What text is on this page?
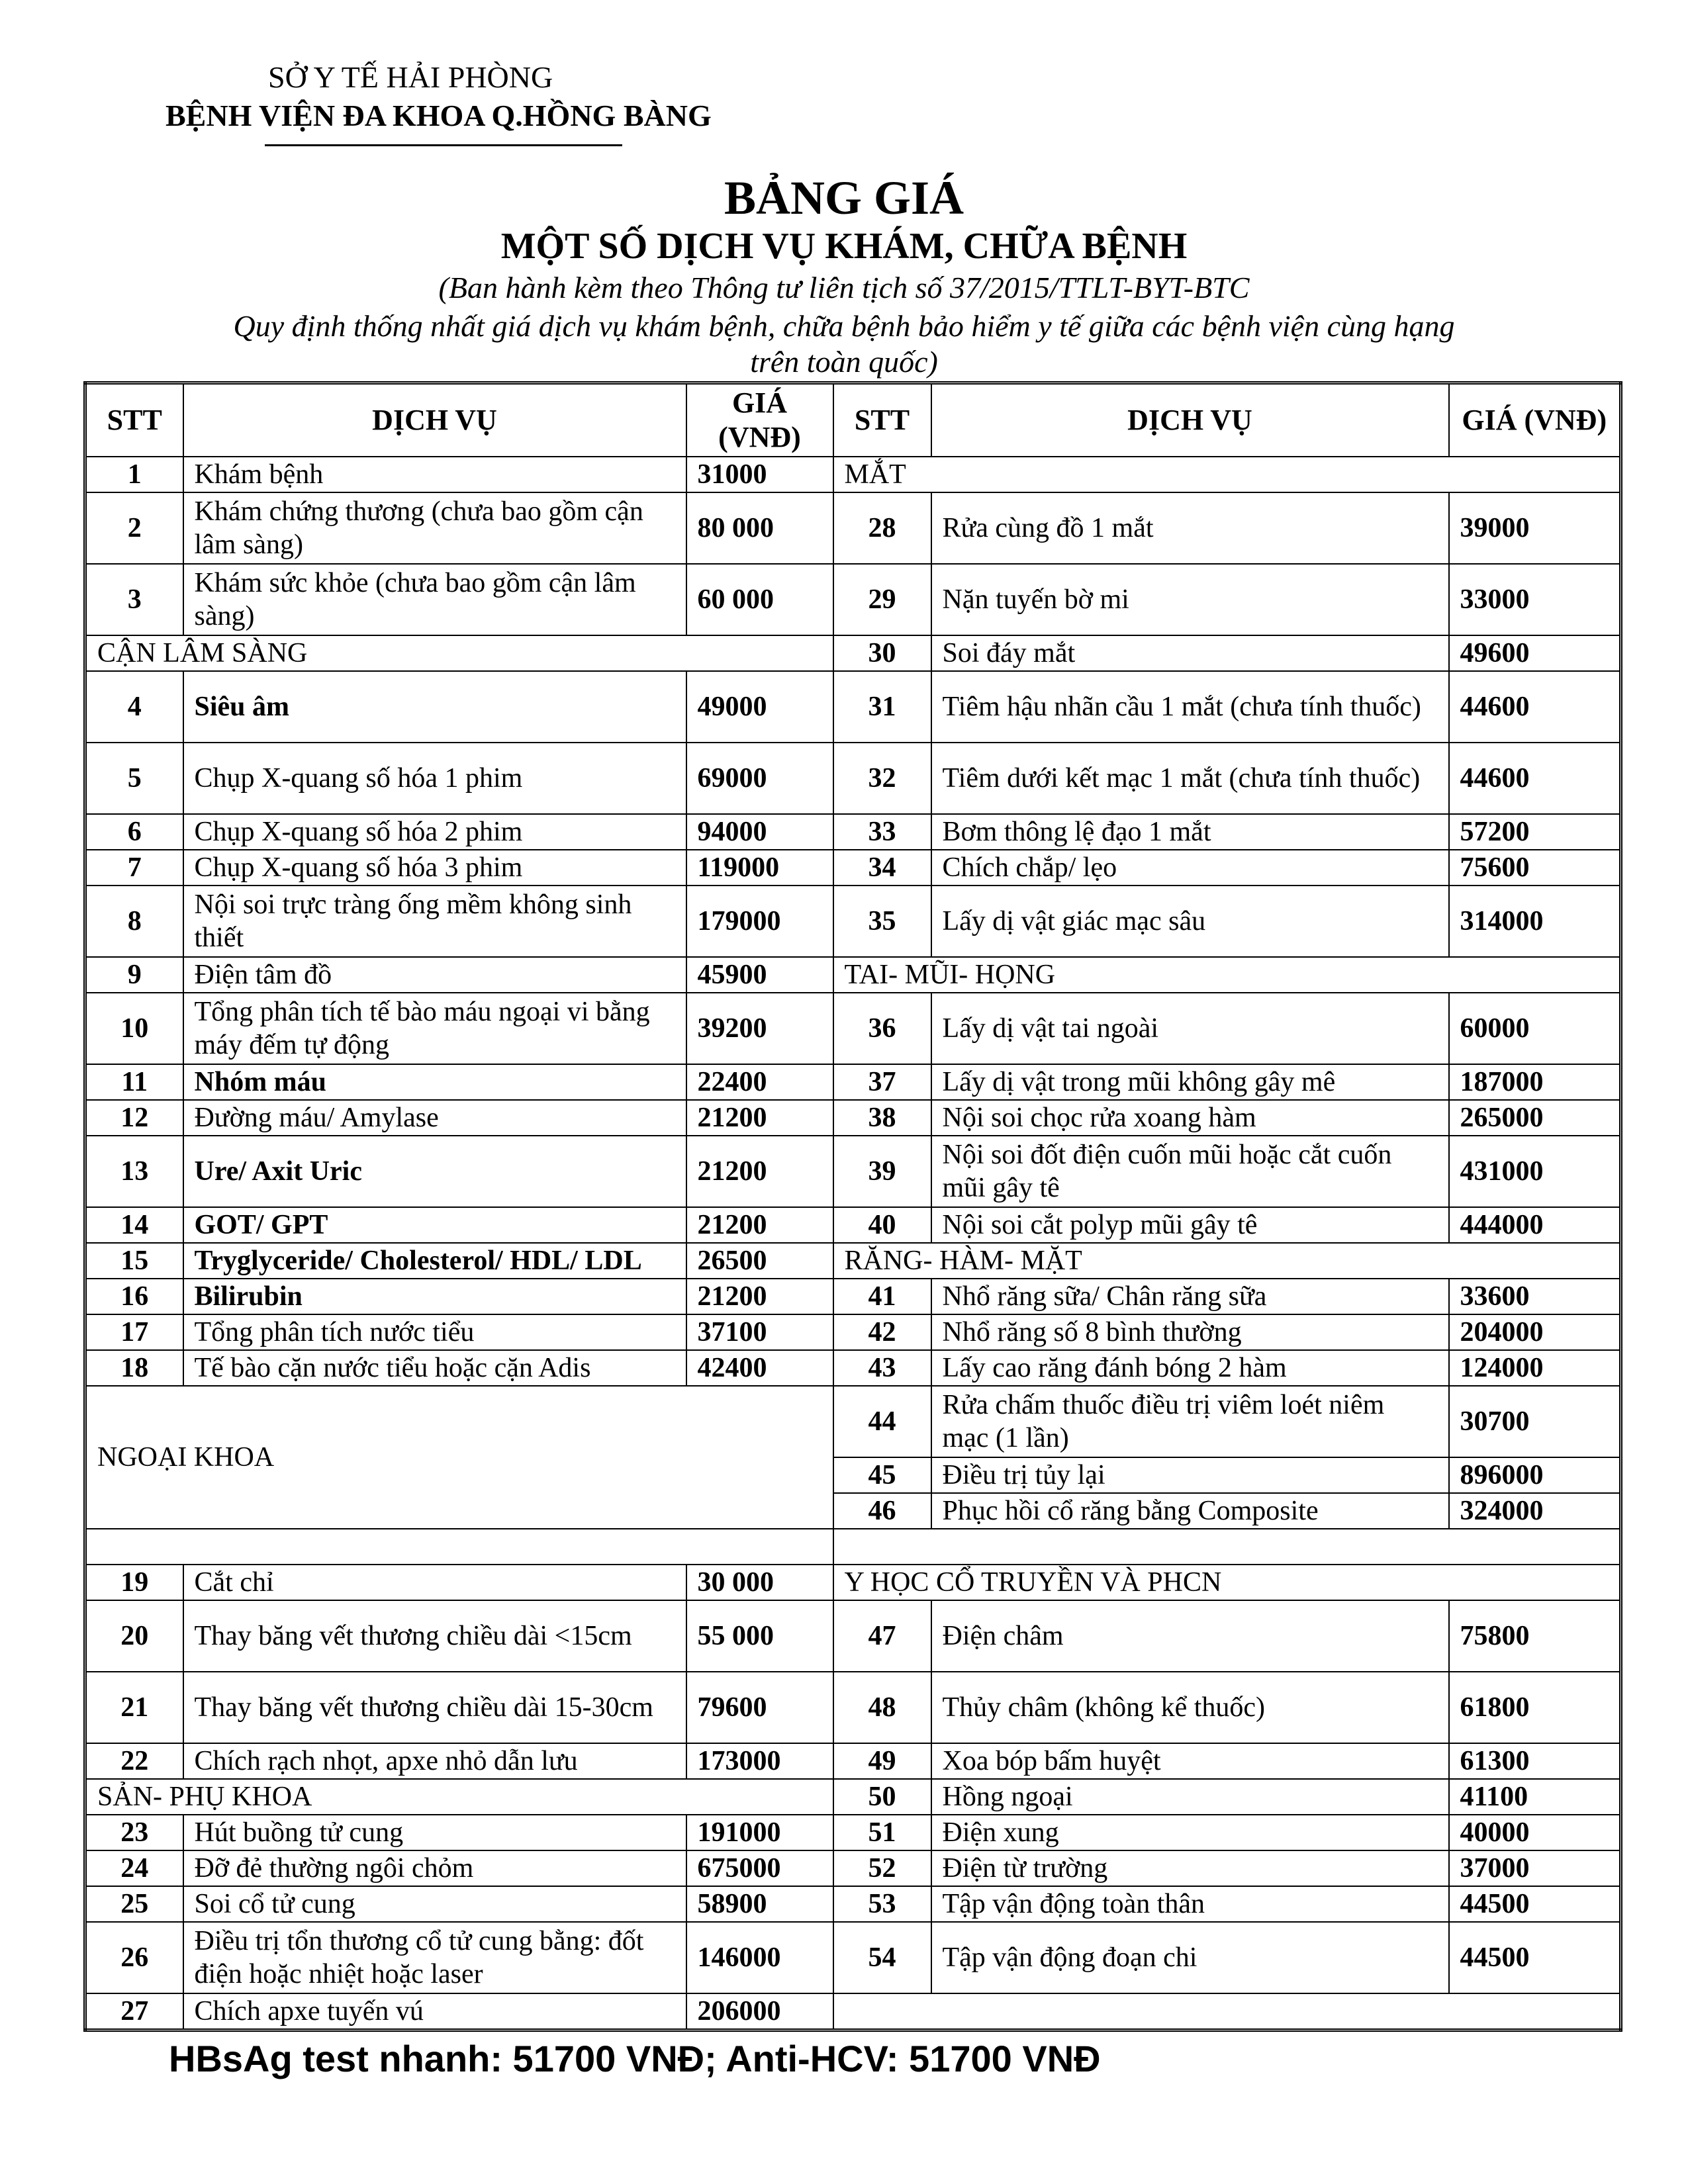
SỞ Y TẾ HẢI PHÒNG
BỆNH VIỆN ĐA KHOA Q.HỒNG BÀNG
BẢNG GIÁ
MỘT SỐ DỊCH VỤ KHÁM, CHỮA BỆNH
(Ban hành kèm theo Thông tư liên tịch số 37/2015/TTLT-BYT-BTC
Quy định thống nhất giá dịch vụ khám bệnh, chữa bệnh bảo hiểm y tế giữa các bệnh viện cùng hạng
trên toàn quốc)
STT	DỊCH VỤ	GIÁ (VNĐ)	STT	DỊCH VỤ	GIÁ (VNĐ)
1	Khám bệnh	31000	MẮT		
2	Khám chứng thương (chưa bao gồm cận lâm sàng)	80 000	28	Rửa cùng đồ 1 mắt	39000
3	Khám sức khỏe (chưa bao gồm cận lâm sàng)	60 000	29	Nặn tuyến bờ mi	33000
CẬN LÂM SÀNG			30	Soi đáy mắt	49600
4	Siêu âm	49000	31	Tiêm hậu nhãn cầu 1 mắt (chưa tính thuốc)	44600
5	Chụp X-quang số hóa 1 phim	69000	32	Tiêm dưới kết mạc 1 mắt (chưa tính thuốc)	44600
6	Chụp X-quang số hóa 2 phim	94000	33	Bơm thông lệ đạo 1 mắt	57200
7	Chụp X-quang số hóa 3 phim	119000	34	Chích chắp/ lẹo	75600
8	Nội soi trực tràng ống mềm không sinh thiết	179000	35	Lấy dị vật giác mạc sâu	314000
9	Điện tâm đồ	45900	TAI- MŨI- HỌNG		
10	Tổng phân tích tế bào máu ngoại vi bằng máy đếm tự động	39200	36	Lấy dị vật tai ngoài	60000
11	Nhóm máu	22400	37	Lấy dị vật trong mũi không gây mê	187000
12	Đường máu/ Amylase	21200	38	Nội soi chọc rửa xoang hàm	265000
13	Ure/ Axit Uric	21200	39	Nội soi đốt điện cuốn mũi hoặc cắt cuốn mũi gây tê	431000
14	GOT/ GPT	21200	40	Nội soi cắt polyp mũi gây tê	444000
15	Tryglyceride/ Cholesterol/ HDL/ LDL	26500	RĂNG- HÀM- MẶT		
16	Bilirubin	21200	41	Nhổ răng sữa/ Chân răng sữa	33600
17	Tổng phân tích nước tiểu	37100	42	Nhổ răng số 8 bình thường	204000
18	Tế bào cặn nước tiểu hoặc cặn Adis	42400	43	Lấy cao răng đánh bóng 2 hàm	124000
NGOẠI KHOA			44	Rửa chấm thuốc điều trị viêm loét niêm mạc (1 lần)	30700
			45	Điều trị tủy lại	896000
			46	Phục hồi cổ răng bằng Composite	324000

19	Cắt chỉ	30 000	Y HỌC CỔ TRUYỀN VÀ PHCN		
20	Thay băng vết thương chiều dài <15cm	55 000	47	Điện châm	75800
21	Thay băng vết thương chiều dài 15-30cm	79600	48	Thủy châm (không kể thuốc)	61800
22	Chích rạch nhọt, apxe nhỏ dẫn lưu	173000	49	Xoa bóp bấm huyệt	61300
SẢN- PHỤ KHOA			50	Hồng ngoại	41100
23	Hút buồng tử cung	191000	51	Điện xung	40000
24	Đỡ đẻ thường ngôi chỏm	675000	52	Điện từ trường	37000
25	Soi cổ tử cung	58900	53	Tập vận động toàn thân	44500
26	Điều trị tổn thương cổ tử cung bằng: đốt điện hoặc nhiệt hoặc laser	146000	54	Tập vận động đoạn chi	44500
27	Chích apxe tuyến vú	206000			
HBsAg test nhanh: 51700 VNĐ; Anti-HCV: 51700 VNĐ
